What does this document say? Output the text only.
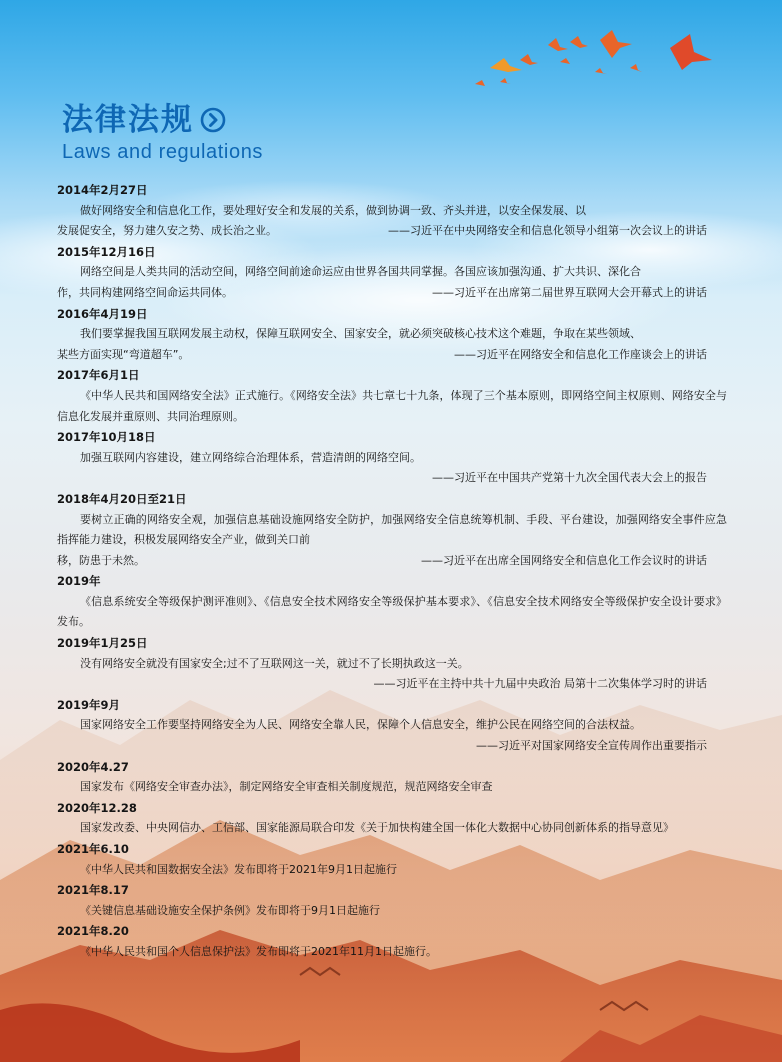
法律法规
Laws and regulations
2014年2月27日

做好网络安全和信息化工作，要处理好安全和发展的关系，做到协调一致、齐头并进，以安全保发展、以

发展促安全，努力建久安之势、成长治之业。	——习近平在中央网络安全和信息化领导小组第一次会议上的讲话
2015年12月16日

网络空间是人类共同的活动空间，网络空间前途命运应由世界各国共同掌握。各国应该加强沟通、扩大共识、深化合

作，共同构建网络空间命运共同体。	——习近平在出席第二届世界互联网大会开幕式上的讲话
2016年4月19日

我们要掌握我国互联网发展主动权，保障互联网安全、国家安全，就必须突破核心技术这个难题，争取在某些领域、

某些方面实现“弯道超车”。	——习近平在网络安全和信息化工作座谈会上的讲话
2017年6月1日

《中华人民共和国网络安全法》正式施行。《网络安全法》共七章七十九条，体现了三个基本原则，即网络空间主权原则、网络安全与信息化发展并重原则、共同治理原则。

2017年10月18日

加强互联网内容建设，建立网络综合治理体系，营造清朗的网络空间。

——习近平在中国共产党第十九次全国代表大会上的报告

2018年4月20日至21日

要树立正确的网络安全观，加强信息基础设施网络安全防护，加强网络安全信息统筹机制、手段、平台建设，加强网络安全事件应急指挥能力建设，积极发展网络安全产业，做到关口前

移，防患于未然。	——习近平在出席全国网络安全和信息化工作会议时的讲话
2019年

《信息系统安全等级保护测评准则》、《信息安全技术网络安全等级保护基本要求》、《信息安全技术网络安全等级保护安全设计要求》发布。

2019年1月25日

没有网络安全就没有国家安全;过不了互联网这一关，就过不了长期执政这一关。

——习近平在主持中共十九届中央政治 局第十二次集体学习时的讲话

2019年9月

国家网络安全工作要坚持网络安全为人民、网络安全靠人民，保障个人信息安全，维护公民在网络空间的合法权益。

——习近平对国家网络安全宣传周作出重要指示

2020年4.27

国家发布《网络安全审查办法》，制定网络安全审查相关制度规范，规范网络安全审查

2020年12.28

国家发改委、中央网信办、工信部、国家能源局联合印发《关于加快构建全国一体化大数据中心协同创新体系的指导意见》

2021年6.10

《中华人民共和国数据安全法》发布即将于2021年9月1日起施行

2021年8.17

《关键信息基础设施安全保护条例》发布即将于9月1日起施行

2021年8.20

《中华人民共和国个人信息保护法》发布即将于2021年11月1日起施行。
